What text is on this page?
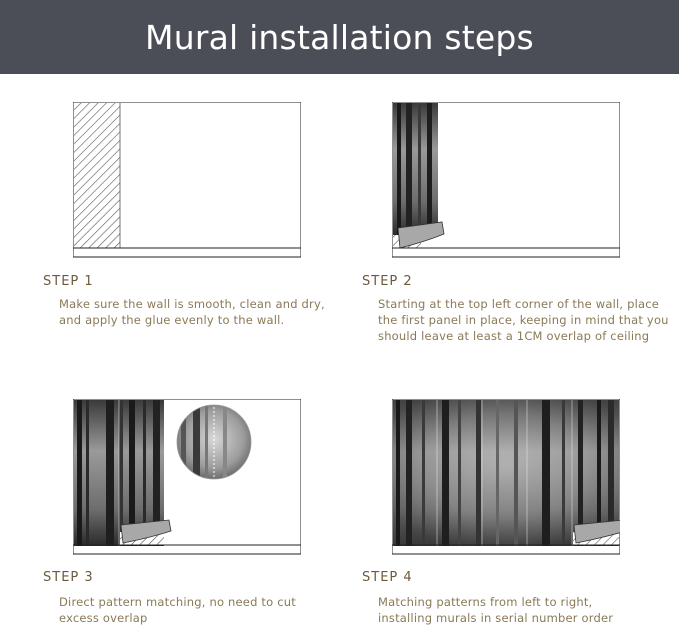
Mural installation steps
STEP 1
Make sure the wall is smooth, clean and dry,
and apply the glue evenly to the wall.
STEP 2
Starting at the top left corner of the wall, place
the first panel in place, keeping in mind that you
should leave at least a 1CM overlap of ceiling
STEP 3
Direct pattern matching, no need to cut
excess overlap
STEP 4
Matching patterns from left to right,
installing murals in serial number order
